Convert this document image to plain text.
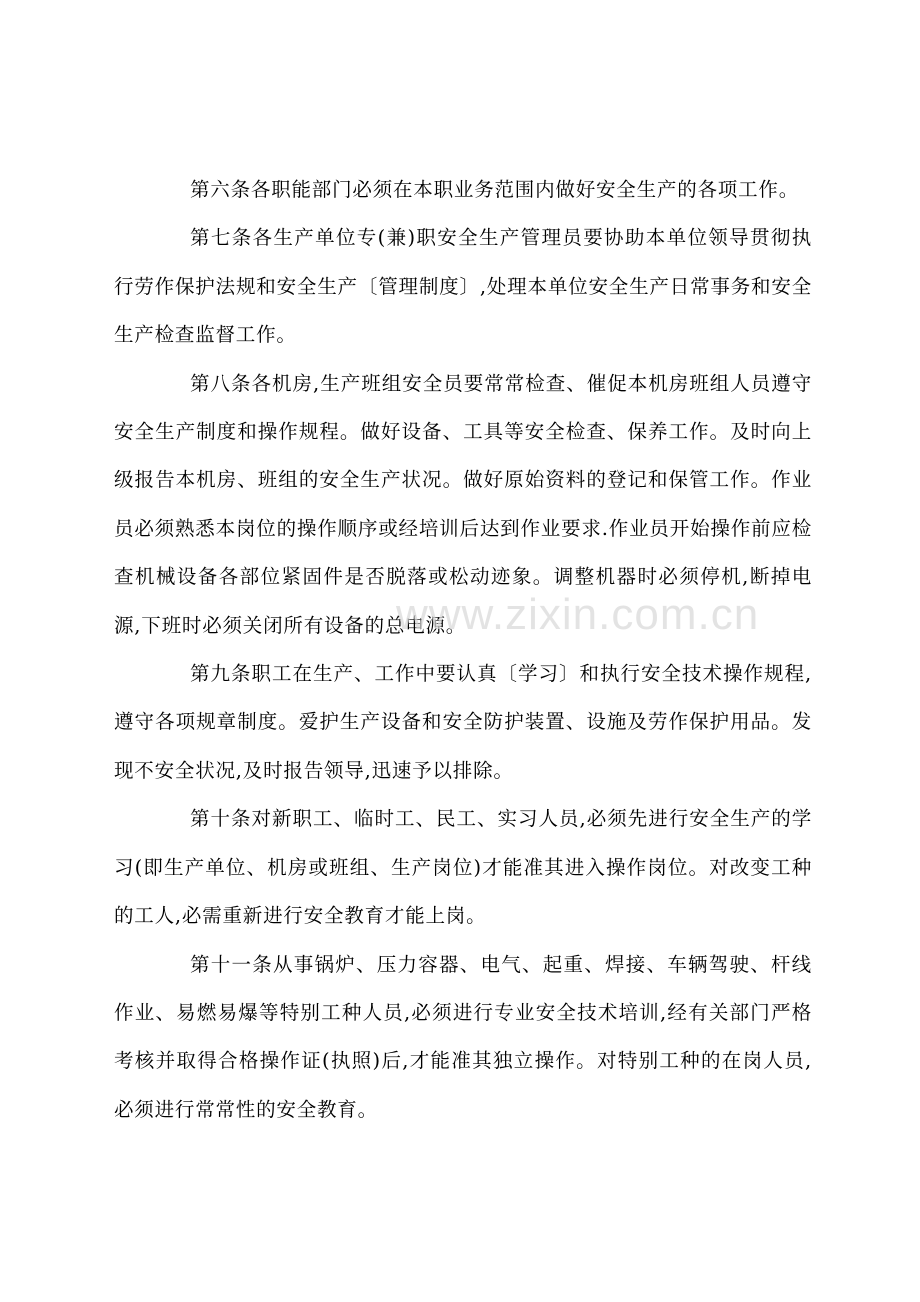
第六条各职能部门必须在本职业务范围内做好安全生产的各项工作。

第七条各生产单位专(兼)职安全生产管理员要协助本单位领导贯彻执行劳作保护法规和安全生产〔管理制度〕,处理本单位安全生产日常事务和安全生产检查监督工作。

第八条各机房,生产班组安全员要常常检查、催促本机房班组人员遵守安全生产制度和操作规程。做好设备、工具等安全检查、保养工作。及时向上级报告本机房、班组的安全生产状况。做好原始资料的登记和保管工作。作业员必须熟悉本岗位的操作顺序或经培训后达到作业要求.作业员开始操作前应检查机械设备各部位紧固件是否脱落或松动迹象。调整机器时必须停机,断掉电源,下班时必须关闭所有设备的总电源。

第九条职工在生产、工作中要认真〔学习〕和执行安全技术操作规程,遵守各项规章制度。爱护生产设备和安全防护装置、设施及劳作保护用品。发现不安全状况,及时报告领导,迅速予以排除。

第十条对新职工、临时工、民工、实习人员,必须先进行安全生产的学习(即生产单位、机房或班组、生产岗位)才能准其进入操作岗位。对改变工种的工人,必需重新进行安全教育才能上岗。

第十一条从事锅炉、压力容器、电气、起重、焊接、车辆驾驶、杆线作业、易燃易爆等特别工种人员,必须进行专业安全技术培训,经有关部门严格考核并取得合格操作证(执照)后,才能准其独立操作。对特别工种的在岗人员,必须进行常常性的安全教育。

www.zixin.com.cn
